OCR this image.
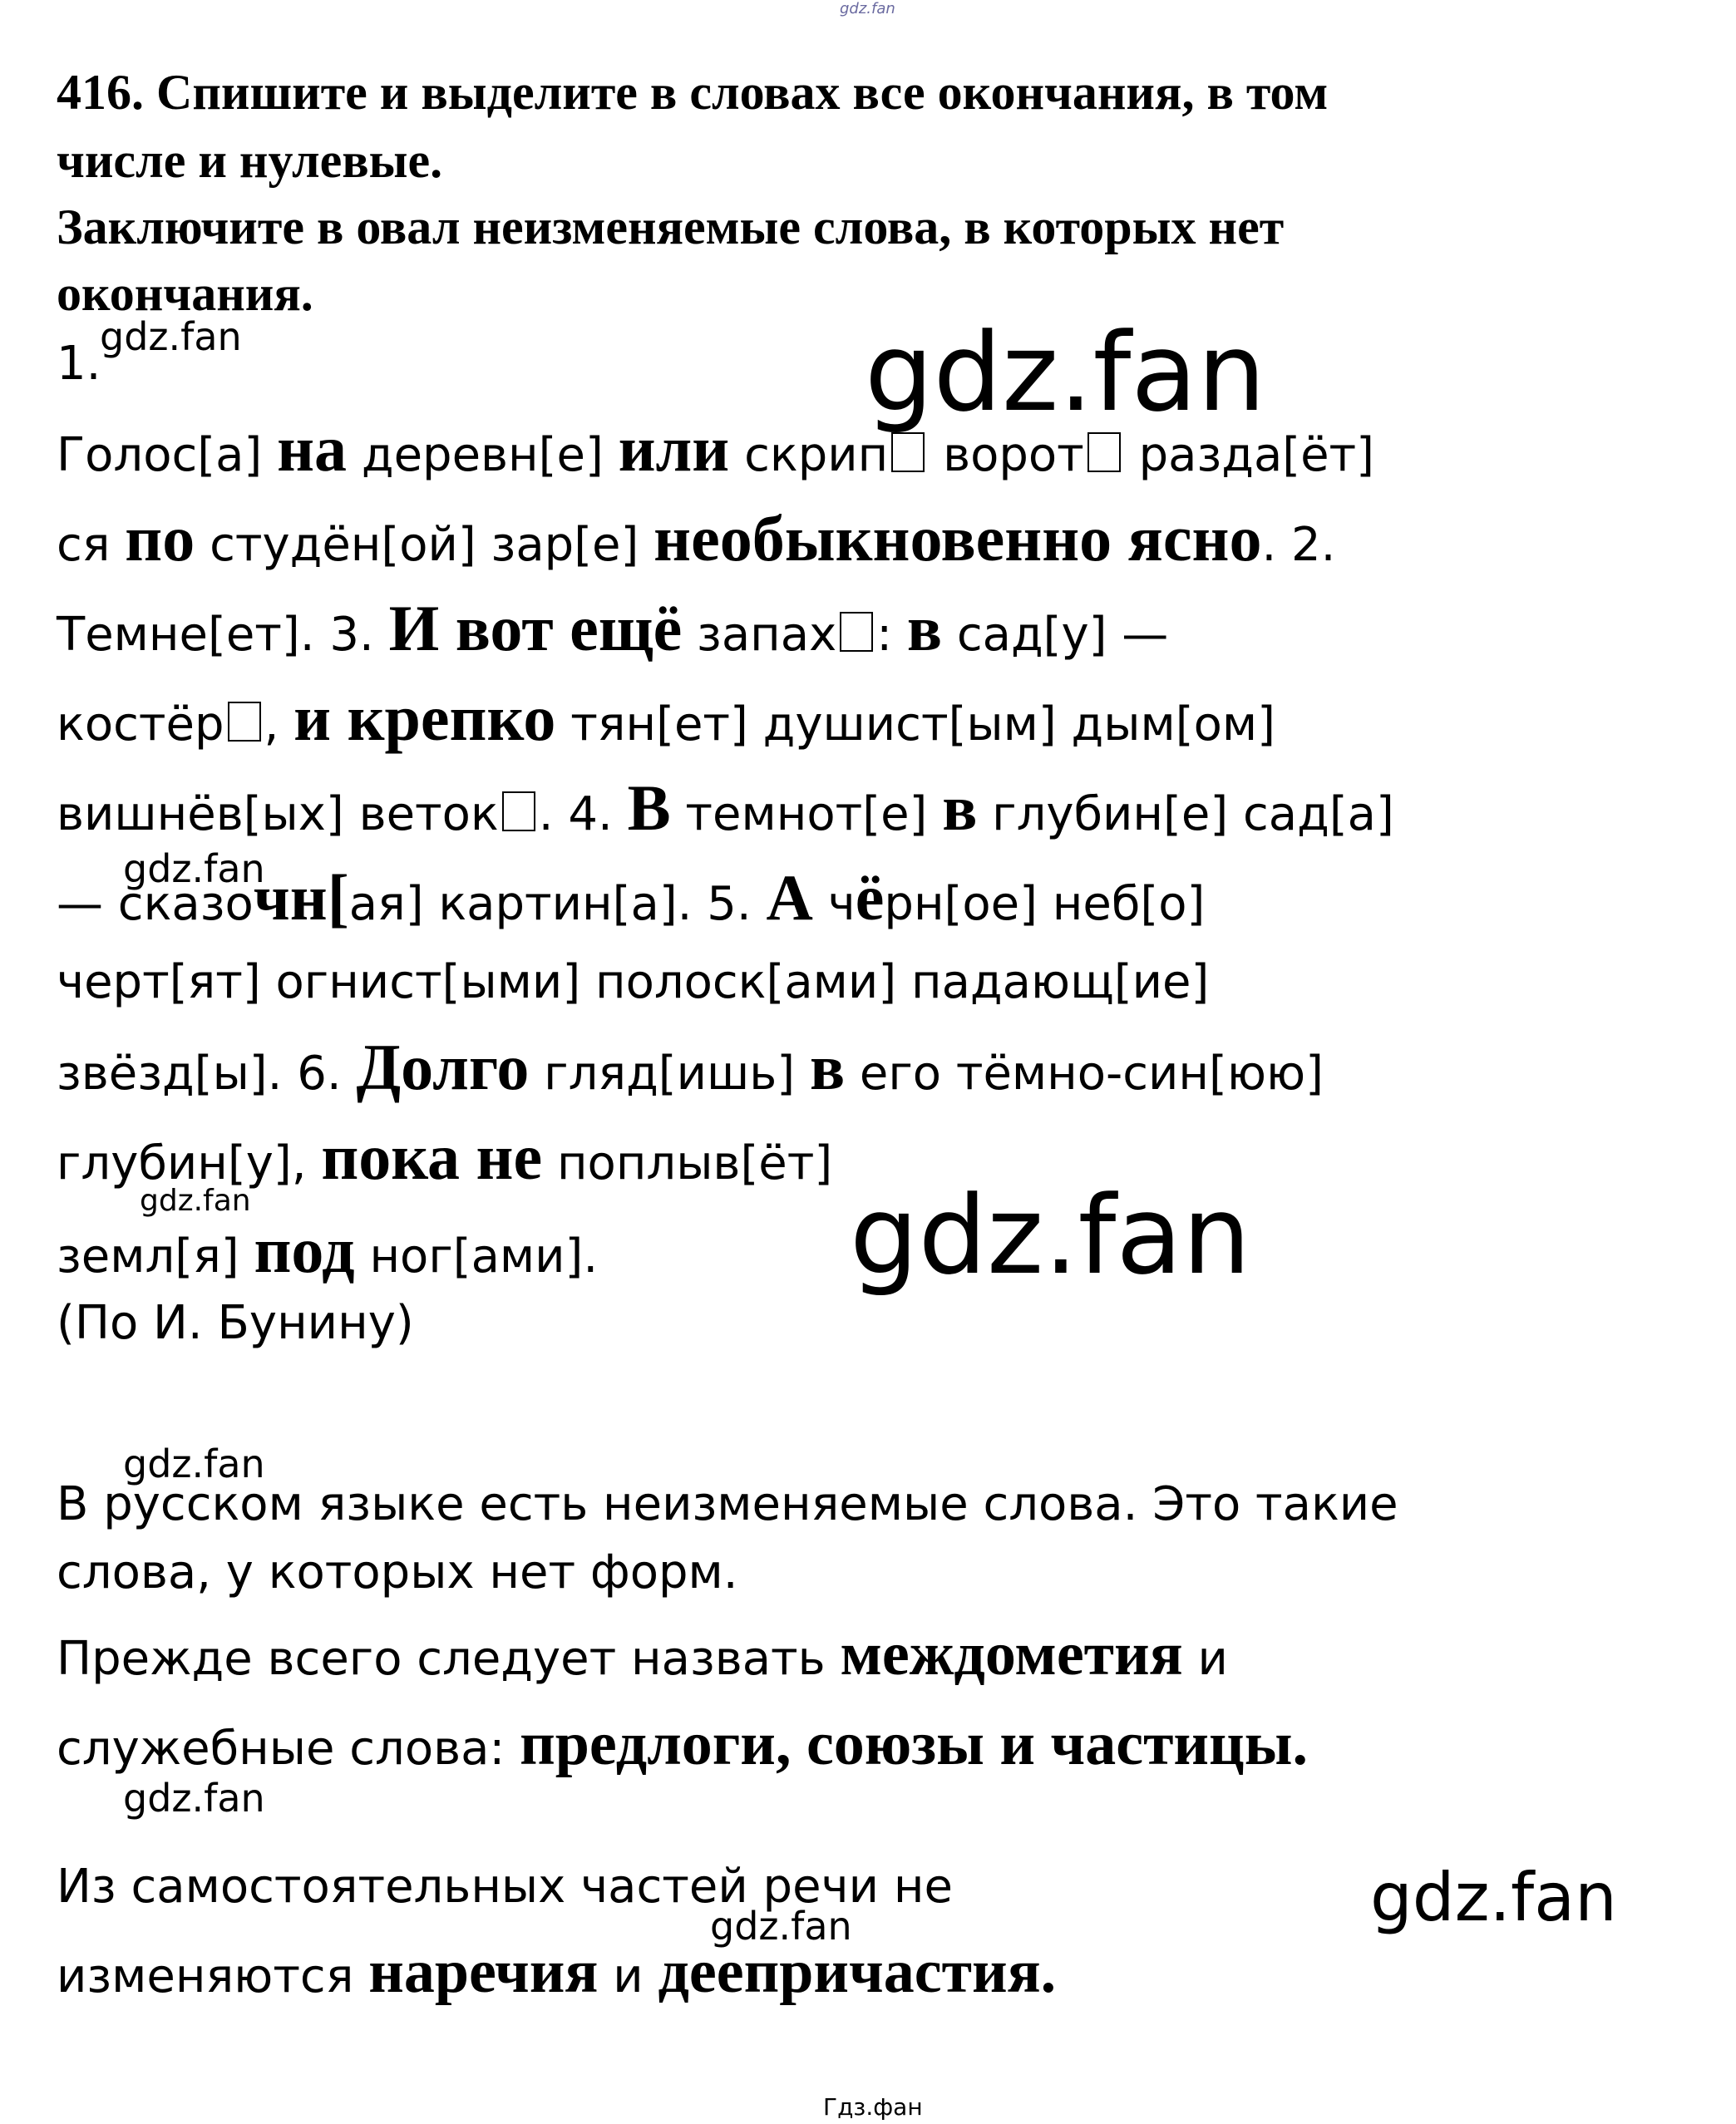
gdz.fan
416. Спишите и выделите в словах все окончания, в том
числе и нулевые.
Заключите в овал неизменяемые слова, в которых нет
окончания.
1.
Голос[а] на деревн[е] или скрип ворот разда[ёт]
ся по студён[ой] зар[е] необыкновенно ясно. 2.
Темне[ет]. 3. И вот ещё запах : в сад[у] —
костёр , и крепко тян[ет] душист[ым] дым[ом]
вишнёв[ых] веток . 4. В темнот[е] в глубин[е] сад[а]
— сказочн[ая] картин[а]. 5. А чёрн[ое] неб[о]
черт[ят] огнист[ыми] полоск[ами] падающ[ие]
звёзд[ы]. 6. Долго гляд[ишь] в его тёмно-син[юю]
глубин[у], пока не поплыв[ёт]
земл[я] под ног[ами].
(По И. Бунину)
В русском языке есть неизменяемые слова. Это такие
слова, у которых нет форм.
Прежде всего следует назвать междометия и
служебные слова: предлоги, союзы и частицы.
Из самостоятельных частей речи не
изменяются наречия и деепричастия.
gdz.fan	gdz.fan
gdz.fan
gdz.fan	gdz.fan
gdz.fan
gdz.fan
gdz.fan
gdz.fan
Гдз.фан
